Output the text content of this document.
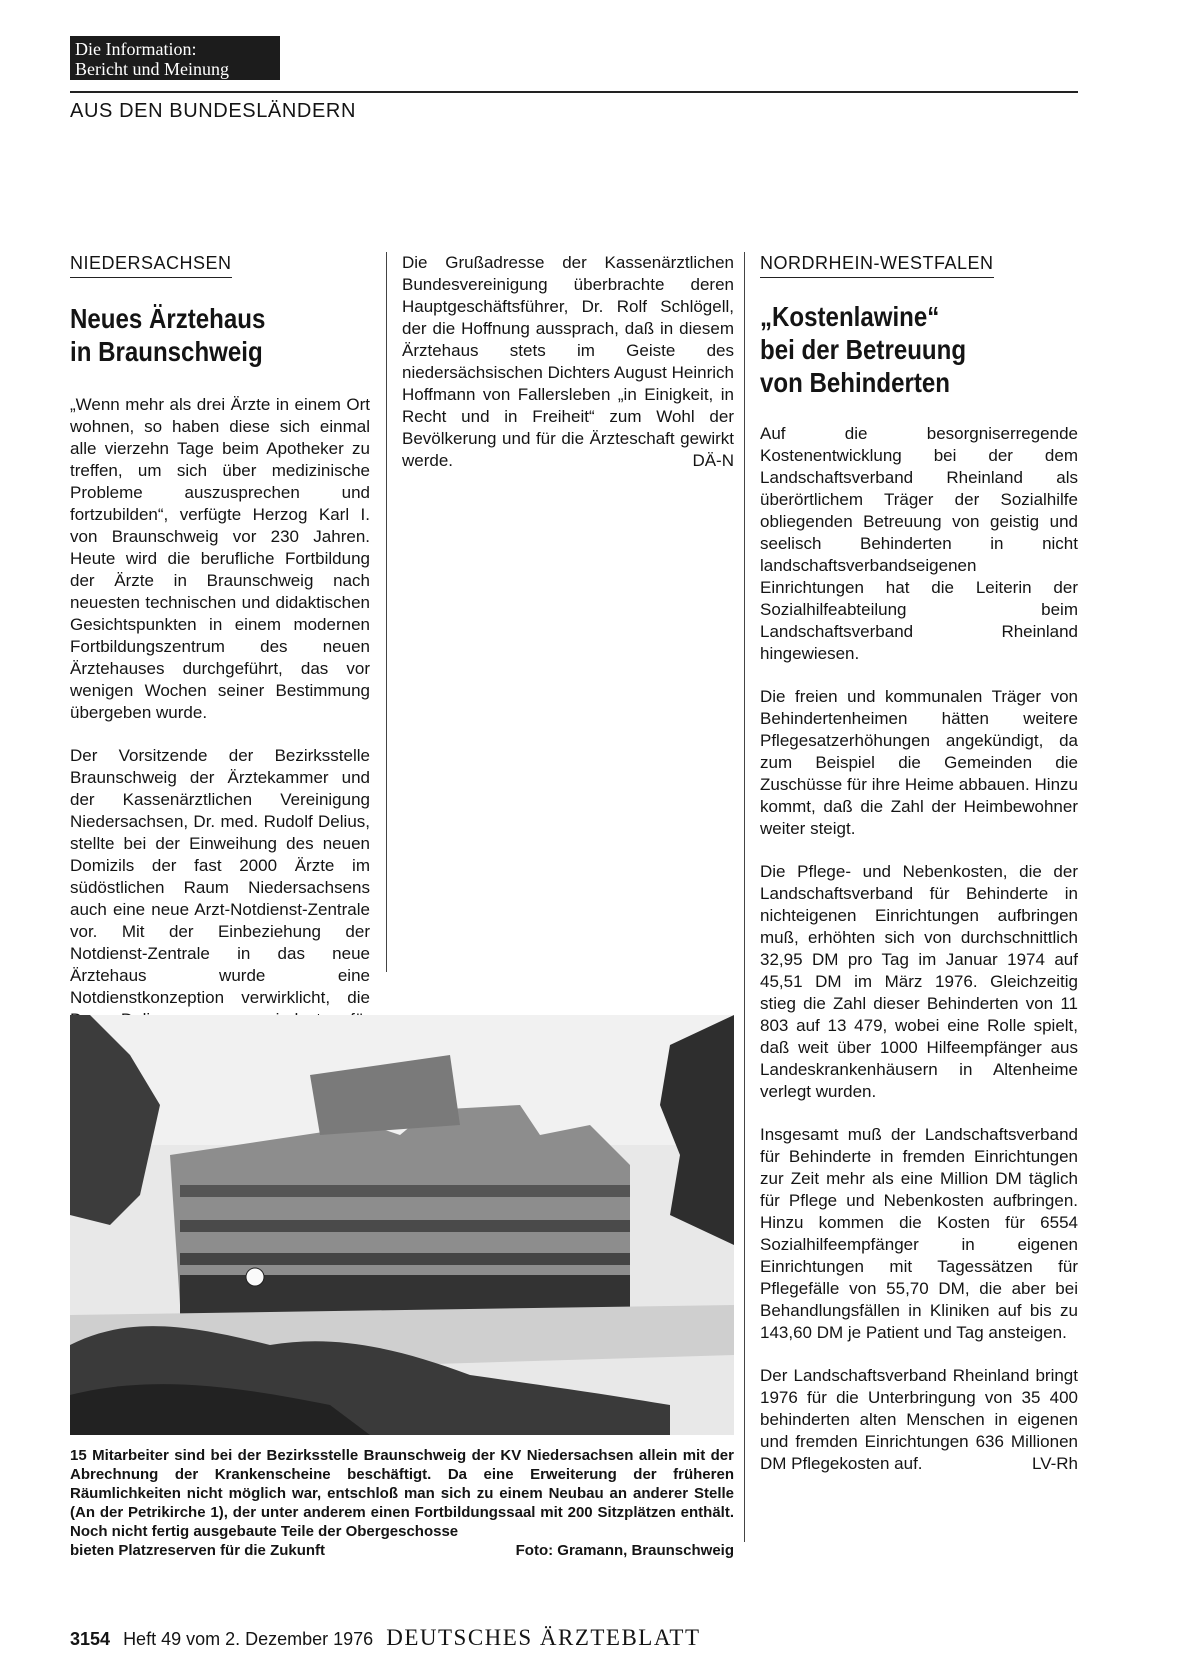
Die Information:
Bericht und Meinung
AUS DEN BUNDESLÄNDERN
NIEDERSACHSEN
Neues Ärztehaus
in Braunschweig

„Wenn mehr als drei Ärzte in einem Ort wohnen, so haben diese sich einmal alle vierzehn Tage beim Apotheker zu treffen, um sich über medizinische Probleme auszusprechen und fortzubilden“, verfügte Herzog Karl I. von Braunschweig vor 230 Jahren. Heute wird die berufliche Fortbildung der Ärzte in Braunschweig nach neuesten technischen und didaktischen Gesichtspunkten in einem modernen Fortbildungszentrum des neuen Ärztehauses durchgeführt, das vor wenigen Wochen seiner Bestimmung übergeben wurde.

Der Vorsitzende der Bezirksstelle Braunschweig der Ärztekammer und der Kassenärztlichen Vereinigung Niedersachsen, Dr. med. Rudolf Delius, stellte bei der Einweihung des neuen Domizils der fast 2000 Ärzte im südöstlichen Raum Niedersachsens auch eine neue Arzt-Notdienst-Zentrale vor. Mit der Einbeziehung der Notdienst-Zentrale in das neue Ärztehaus wurde eine Notdienstkonzeption verwirklicht, die

Die Grußadresse der Kassenärztlichen Bundesvereinigung überbrachte deren Hauptgeschäftsführer, Dr. Rolf Schlögell, der die Hoffnung aussprach, daß in diesem Ärztehaus stets im Geiste des niedersächsischen Dichters August Heinrich Hoffmann von Fallersleben „in Einigkeit, in Recht und in Freiheit“ zum Wohl der Bevölkerung und für die Ärzteschaft gewirkt werde.	DÄ-N

15 Mitarbeiter sind bei der Bezirksstelle Braunschweig der KV Niedersachsen allein mit der Abrechnung der Krankenscheine beschäftigt. Da eine Erweiterung der früheren Räumlichkeiten nicht möglich war, entschloß man sich zu einem Neubau an anderer Stelle (An der Petrikirche 1), der unter anderem einen Fortbildungssaal mit 200 Sitzplätzen enthält. Noch nicht fertig ausgebaute Teile der Obergeschosse
bieten Platzreserven für die Zukunft	Foto: Gramann, Braunschweig
NORDRHEIN-WESTFALEN
„Kostenlawine“
bei der Betreuung
von Behinderten

Auf die besorgniserregende Kostenentwicklung bei der dem Landschaftsverband Rheinland als überörtlichem Träger der Sozialhilfe obliegenden Betreuung von geistig und seelisch Behinderten in nicht landschaftsverbandseigenen Einrichtungen hat die Leiterin der Sozialhilfeabteilung beim Landschaftsverband Rheinland hingewiesen.

Die freien und kommunalen Träger von Behindertenheimen hätten weitere Pflegesatzerhöhungen angekündigt, da zum Beispiel die Gemeinden die Zuschüsse für ihre Heime abbauen. Hinzu kommt, daß die Zahl der Heimbewohner weiter steigt.

Die Pflege- und Nebenkosten, die der Landschaftsverband für Behinderte in nichteigenen Einrichtungen aufbringen muß, erhöhten sich von durchschnittlich 32,95 DM pro Tag im Januar 1974 auf 45,51 DM im März 1976. Gleichzeitig stieg die Zahl dieser Behinderten von 11 803 auf 13 479, wobei eine Rolle spielt, daß weit über 1000 Hilfeempfänger aus Landeskrankenhäusern in Altenheime verlegt wurden.

Insgesamt muß der Landschaftsverband für Behinderte in fremden Einrichtungen zur Zeit mehr als eine Million DM täglich für Pflege und Nebenkosten aufbringen. Hinzu kommen die Kosten für 6554 Sozialhilfeempfänger in eigenen Einrichtungen mit Tagessätzen für Pflegefälle von 55,70 DM, die aber bei Behandlungsfällen in Kliniken auf bis zu 143,60 DM je Patient und Tag ansteigen.

Der Landschaftsverband Rheinland bringt 1976 für die Unterbringung von 35 400 behinderten alten Menschen in eigenen und fremden Einrichtungen 636 Millionen DM Pflegekosten auf.	LV-Rh

3154 Heft 49 vom 2. Dezember 1976 DEUTSCHES ÄRZTEBLATT
